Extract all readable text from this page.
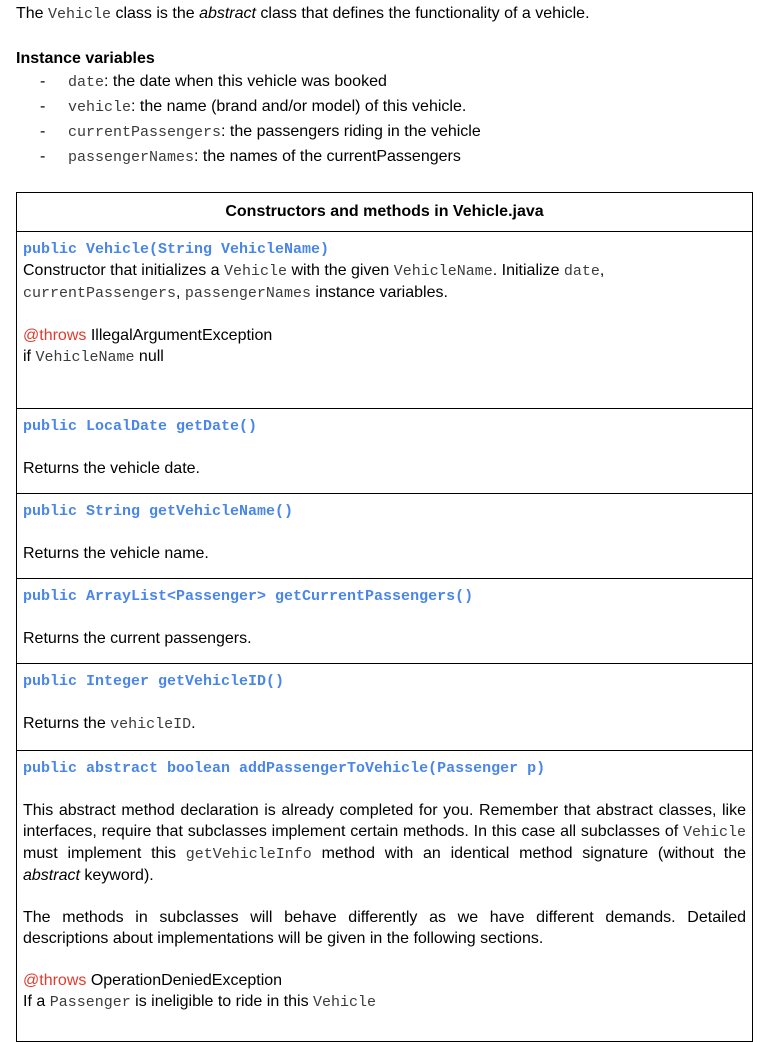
The Vehicle class is the abstract class that defines the functionality of a vehicle.
Instance variables
- date: the date when this vehicle was booked
- vehicle: the name (brand and/or model) of this vehicle.
- currentPassengers: the passengers riding in the vehicle
- passengerNames: the names of the currentPassengers
Constructors and methods in Vehicle.java

public Vehicle(String VehicleName)
Constructor that initializes a Vehicle with the given VehicleName. Initialize date,
currentPassengers, passengerNames instance variables.
@throws IllegalArgumentException
if VehicleName null

public LocalDate getDate()
Returns the vehicle date.

public String getVehicleName()
Returns the vehicle name.

public ArrayList<Passenger> getCurrentPassengers()
Returns the current passengers.

public Integer getVehicleID()
Returns the vehicleID.

public abstract boolean addPassengerToVehicle(Passenger p)
This abstract method declaration is already completed for you. Remember that abstract classes, like interfaces, require that subclasses implement certain methods. In this case all subclasses of Vehicle must implement this getVehicleInfo method with an identical method signature (without the abstract keyword).
The methods in subclasses will behave differently as we have different demands. Detailed descriptions about implementations will be given in the following sections.
@throws OperationDeniedException
If a Passenger is ineligible to ride in this Vehicle
